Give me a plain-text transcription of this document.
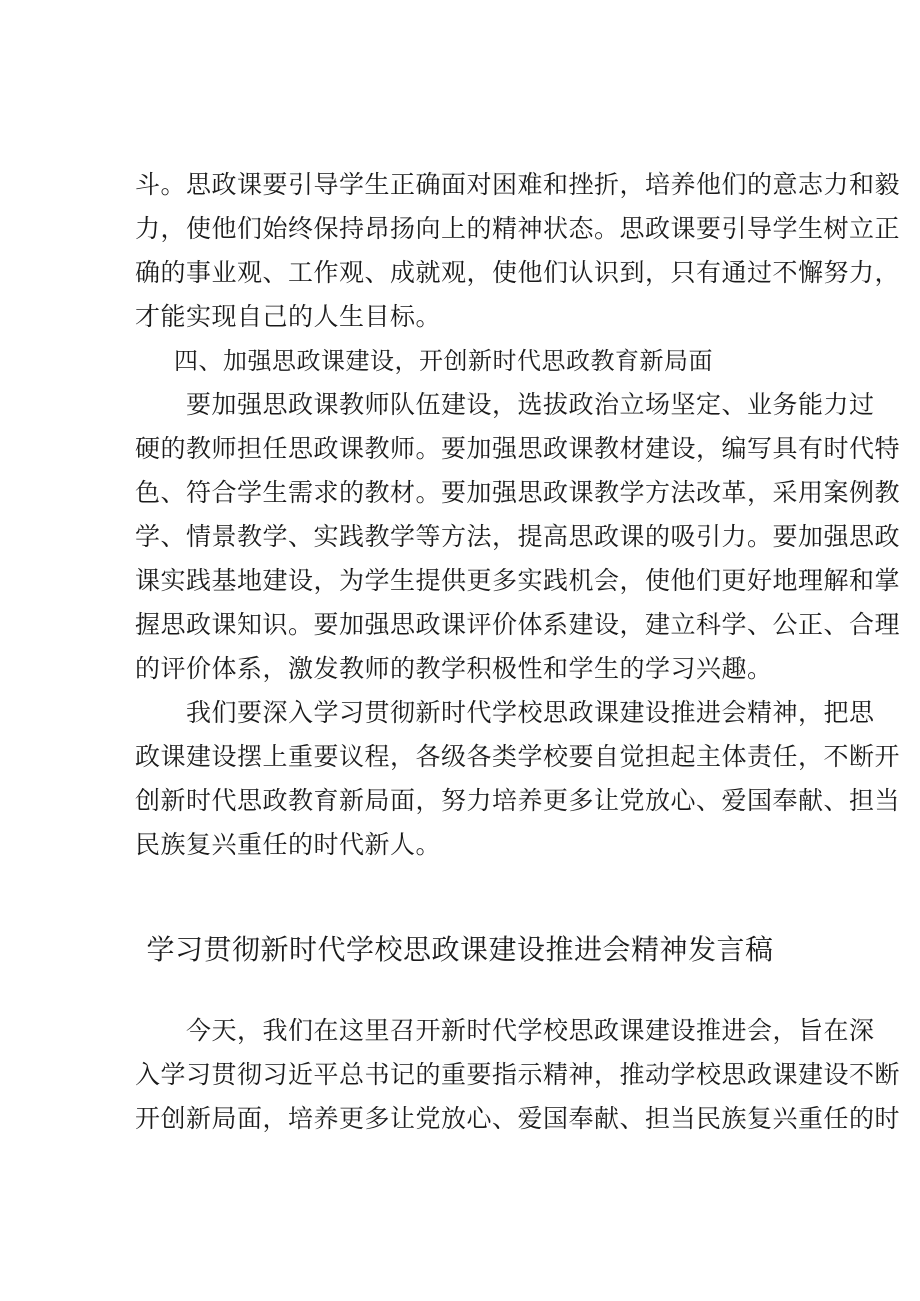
斗。思政课要引导学生正确面对困难和挫折，培养他们的意志力和毅
力，使他们始终保持昂扬向上的精神状态。思政课要引导学生树立正
确的事业观、工作观、成就观，使他们认识到，只有通过不懈努力，
才能实现自己的人生目标。
四、加强思政课建设，开创新时代思政教育新局面
　　要加强思政课教师队伍建设，选拔政治立场坚定、业务能力过
硬的教师担任思政课教师。要加强思政课教材建设，编写具有时代特
色、符合学生需求的教材。要加强思政课教学方法改革，采用案例教
学、情景教学、实践教学等方法，提高思政课的吸引力。要加强思政
课实践基地建设，为学生提供更多实践机会，使他们更好地理解和掌
握思政课知识。要加强思政课评价体系建设，建立科学、公正、合理
的评价体系，激发教师的教学积极性和学生的学习兴趣。
　　我们要深入学习贯彻新时代学校思政课建设推进会精神，把思
政课建设摆上重要议程，各级各类学校要自觉担起主体责任，不断开
创新时代思政教育新局面，努力培养更多让党放心、爱国奉献、担当
民族复兴重任的时代新人。
学习贯彻新时代学校思政课建设推进会精神发言稿
　　今天，我们在这里召开新时代学校思政课建设推进会，旨在深
入学习贯彻习近平总书记的重要指示精神，推动学校思政课建设不断
开创新局面，培养更多让党放心、爱国奉献、担当民族复兴重任的时
